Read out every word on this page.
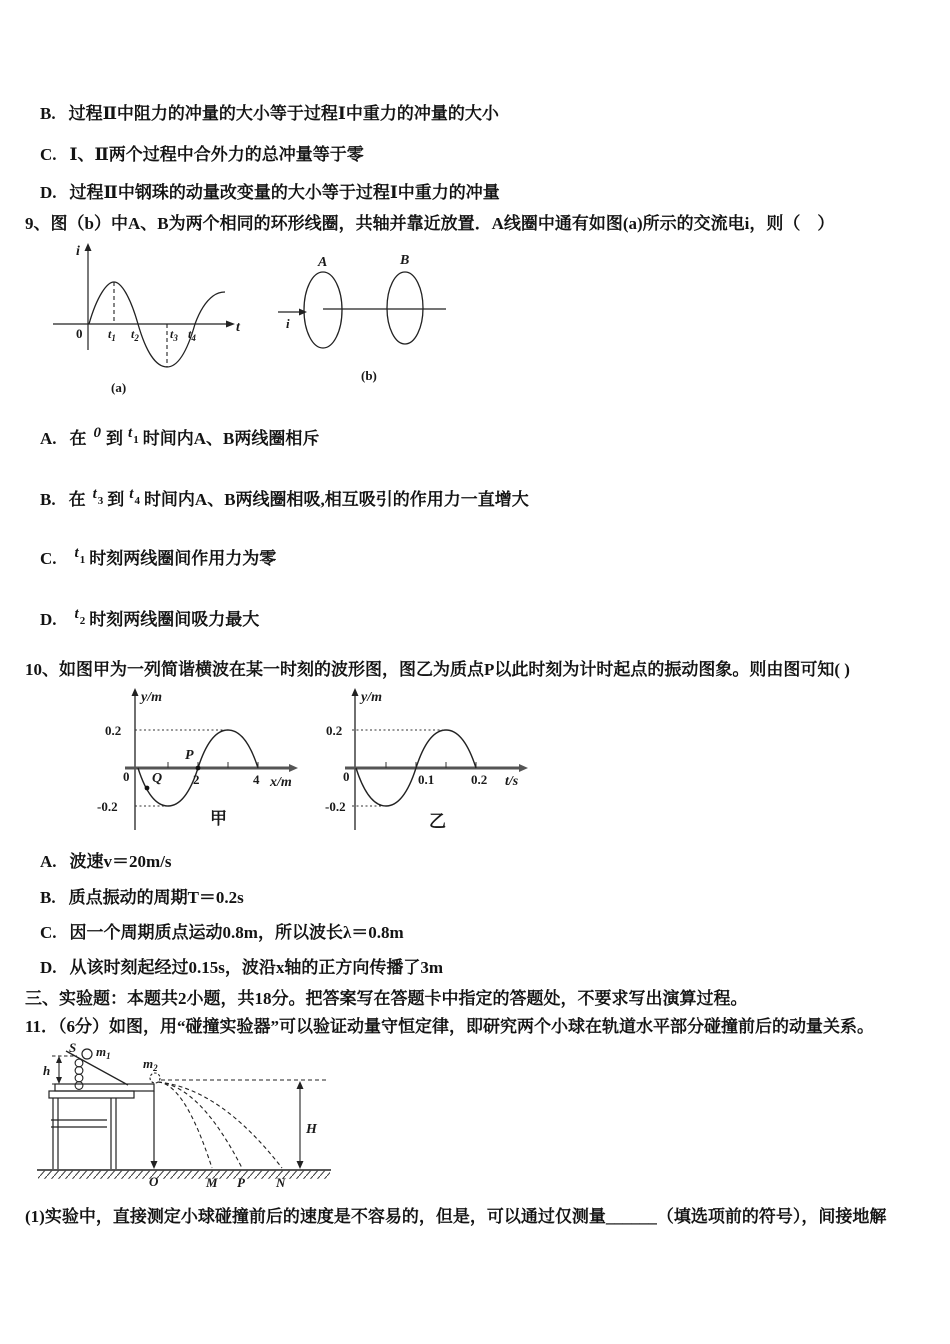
B. 过程Ⅱ中阻力的冲量的大小等于过程Ⅰ中重力的冲量的大小
C. Ⅰ、Ⅱ两个过程中合外力的总冲量等于零
D. 过程Ⅱ中钢珠的动量改变量的大小等于过程Ⅰ中重力的冲量
9、图（b）中A、B为两个相同的环形线圈，共轴并靠近放置．A线圈中通有如图(a)所示的交流电i，则（　）
i
t
0 $t_1$ $t_2$	$t_3$ $t_4$
(a)
A	B
i
(b)
A. 在 0 到 $t_1$ 时间内A、B两线圈相斥
B. 在 $t_3$ 到 $t_4$ 时间内A、B两线圈相吸,相互吸引的作用力一直增大
C. $t_1$ 时刻两线圈间作用力为零
D. $t_2$ 时刻两线圈间吸力最大
10、如图甲为一列简谐横波在某一时刻的波形图，图乙为质点P以此时刻为计时起点的振动图象。则由图可知( )
y/m
0.2
0
-0.2
2	4 x/m
P
Q
甲
y/m
0.2
0
-0.2
0.1	0.2 t/s
乙
A. 波速v＝20m/s
B. 质点振动的周期T＝0.2s
C. 因一个周期质点运动0.8m，所以波长λ＝0.8m
D. 从该时刻起经过0.15s，波沿x轴的正方向传播了3m
三、实验题：本题共2小题，共18分。把答案写在答题卡中指定的答题处，不要求写出演算过程。
11．（6分）如图，用“碰撞实验器”可以验证动量守恒定律，即研究两个小球在轨道水平部分碰撞前后的动量关系。
S $m_1$ $m_2$
h
H
O	M P N
(1)实验中，直接测定小球碰撞前后的速度是不容易的，但是，可以通过仅测量______（填选项前的符号），间接地解
